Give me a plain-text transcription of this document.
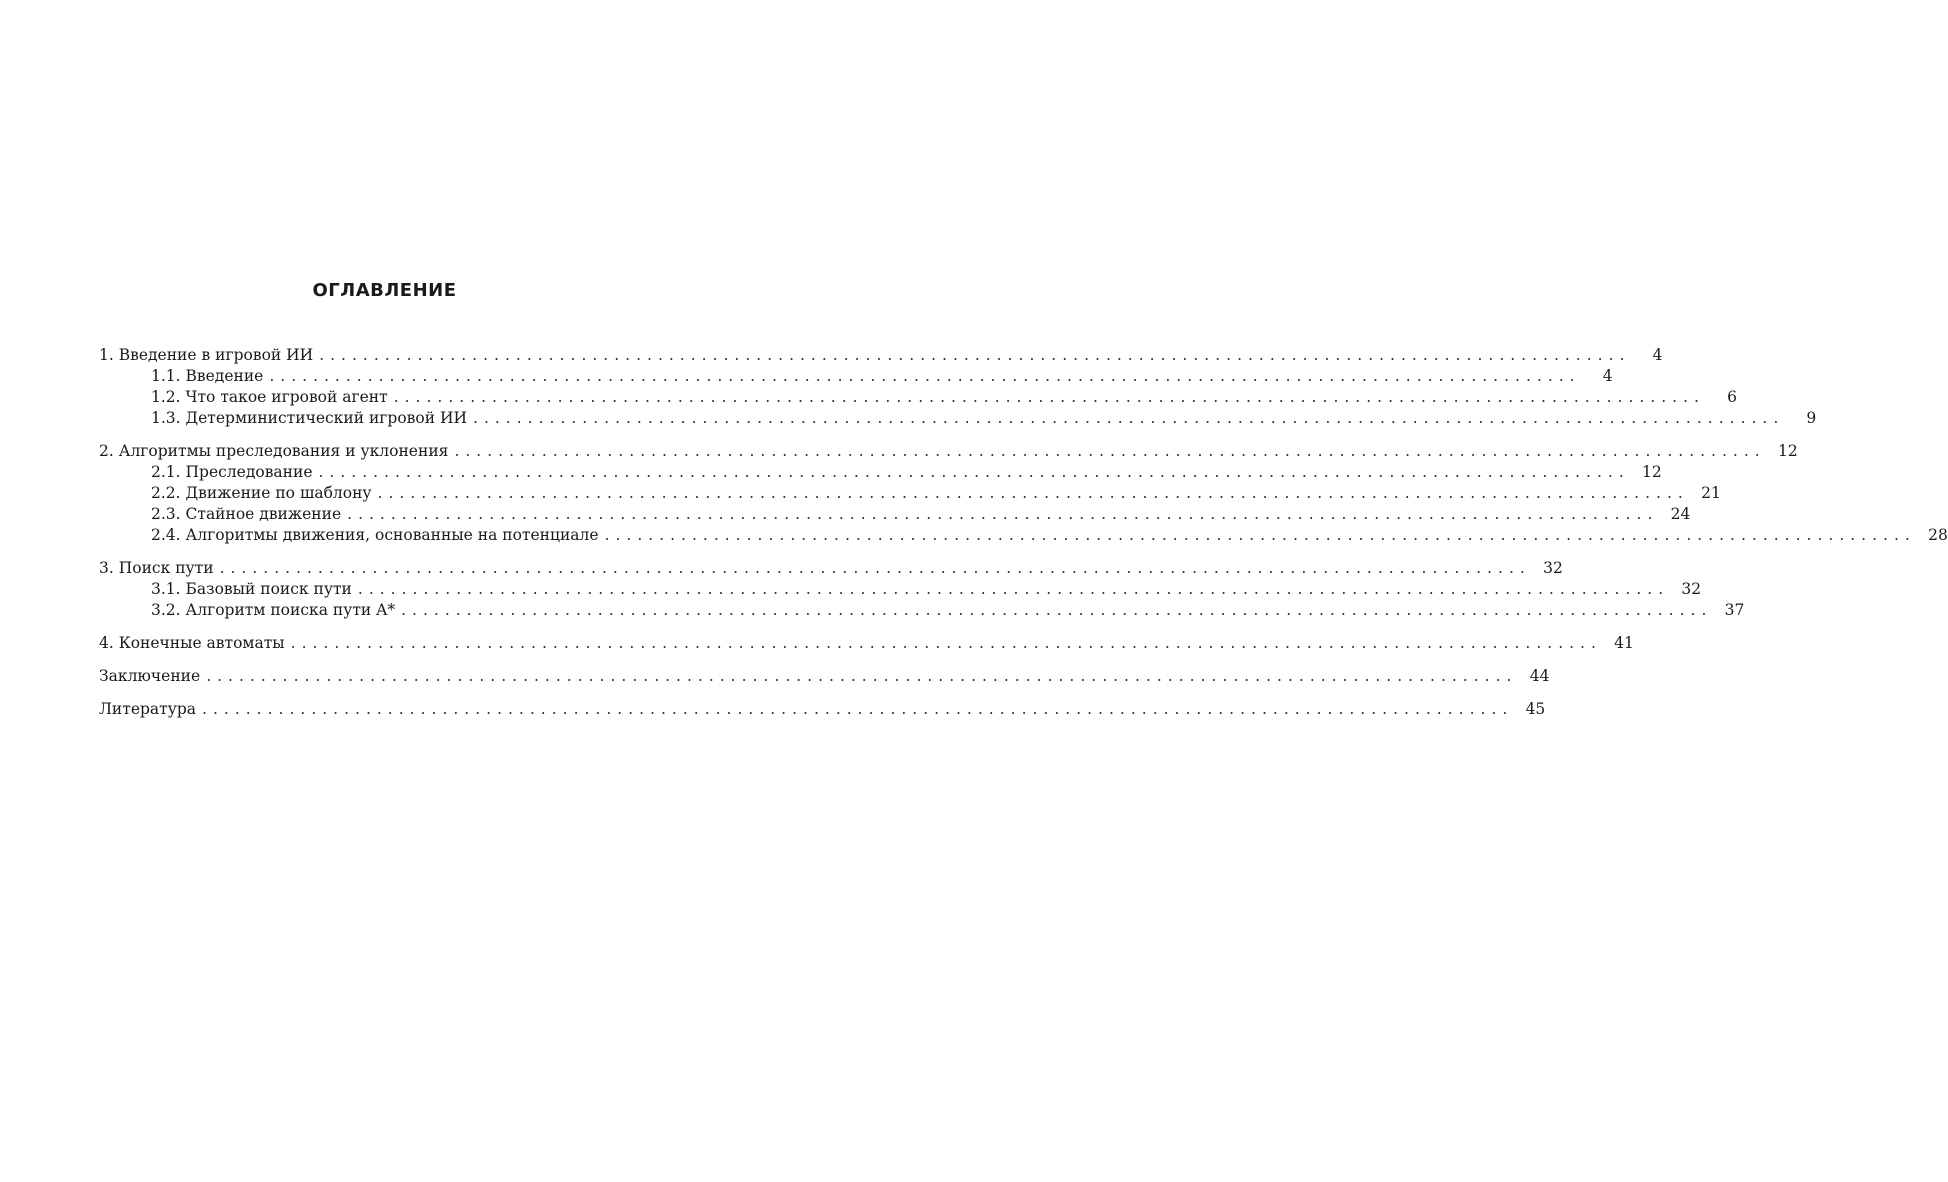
ОГЛАВЛЕНИЕ
1. Введение в игровой ИИ ........................................................................................................................	4
1.1. Введение ........................................................................................................................	4
1.2. Что такое игровой агент ........................................................................................................................	6
1.3. Детерминистический игровой ИИ ........................................................................................................................	9
2. Алгоритмы преследования и уклонения ........................................................................................................................ 12
2.1. Преследование ........................................................................................................................ 12
2.2. Движение по шаблону ........................................................................................................................ 21
2.3. Стайное движение ........................................................................................................................ 24
2.4. Алгоритмы движения, основанные на потенциале ........................................................................................................................ 28
3. Поиск пути ........................................................................................................................ 32
3.1. Базовый поиск пути ........................................................................................................................ 32
3.2. Алгоритм поиска пути A* ........................................................................................................................ 37
4. Конечные автоматы ........................................................................................................................ 41
Заключение ........................................................................................................................ 44
Литература ........................................................................................................................ 45
